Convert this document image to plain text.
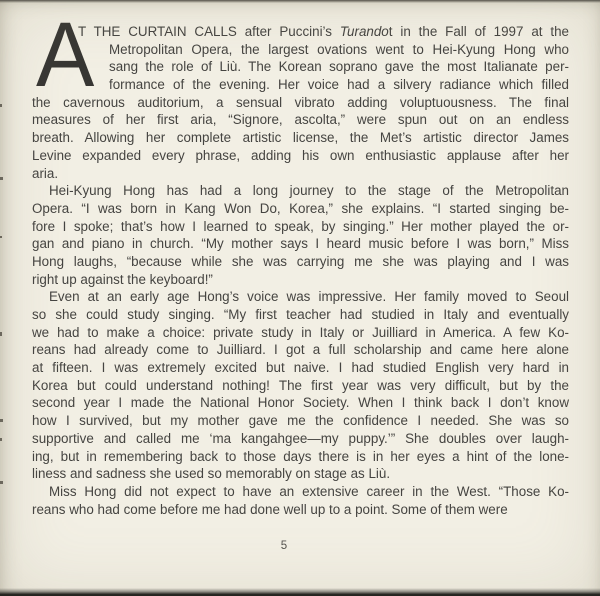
A
T THE CURTAIN CALLS after Puccini’s Turandot in the Fall of 1997 at the
Metropolitan Opera, the largest ovations went to Hei-Kyung Hong who
sang the role of Liù. The Korean soprano gave the most Italianate per-
formance of the evening. Her voice had a silvery radiance which filled
the cavernous auditorium, a sensual vibrato adding voluptuousness. The final
measures of her first aria, “Signore, ascolta,” were spun out on an endless
breath. Allowing her complete artistic license, the Met’s artistic director James
Levine expanded every phrase, adding his own enthusiastic applause after her
aria.
Hei-Kyung Hong has had a long journey to the stage of the Metropolitan
Opera. “I was born in Kang Won Do, Korea,” she explains. “I started singing be-
fore I spoke; that’s how I learned to speak, by singing.” Her mother played the or-
gan and piano in church. “My mother says I heard music before I was born,” Miss
Hong laughs, “because while she was carrying me she was playing and I was
right up against the keyboard!”
Even at an early age Hong’s voice was impressive. Her family moved to Seoul
so she could study singing. “My first teacher had studied in Italy and eventually
we had to make a choice: private study in Italy or Juilliard in America. A few Ko-
reans had already come to Juilliard. I got a full scholarship and came here alone
at fifteen. I was extremely excited but naive. I had studied English very hard in
Korea but could understand nothing! The first year was very difficult, but by the
second year I made the National Honor Society. When I think back I don’t know
how I survived, but my mother gave me the confidence I needed. She was so
supportive and called me ‘ma kangahgee—my puppy.’” She doubles over laugh-
ing, but in remembering back to those days there is in her eyes a hint of the lone-
liness and sadness she used so memorably on stage as Liù.
Miss Hong did not expect to have an extensive career in the West. “Those Ko-
reans who had come before me had done well up to a point. Some of them were
5
